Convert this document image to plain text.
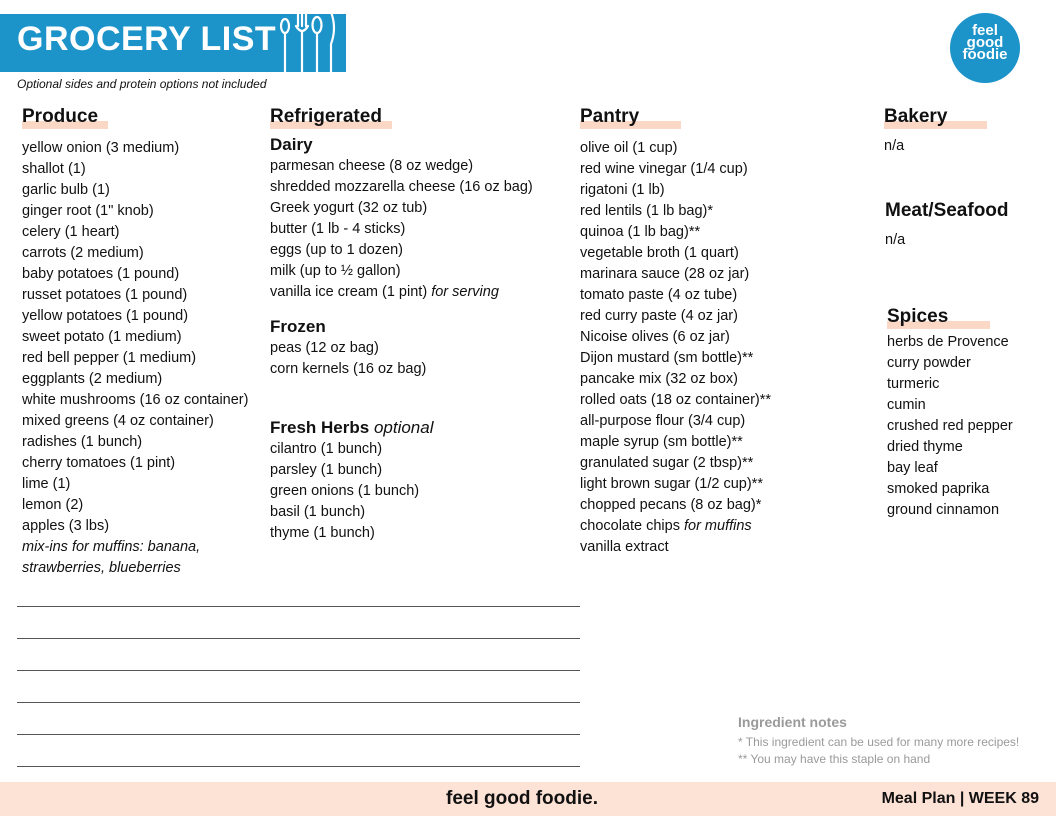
GROCERY LIST
Optional sides and protein options not included
feel
good
foodie
Produce
yellow onion (3 medium)
shallot (1)
garlic bulb (1)
ginger root (1" knob)
celery (1 heart)
carrots (2 medium)
baby potatoes (1 pound)
russet potatoes (1 pound)
yellow potatoes (1 pound)
sweet potato (1 medium)
red bell pepper (1 medium)
eggplants (2 medium)
white mushrooms (16 oz container)
mixed greens (4 oz container)
radishes (1 bunch)
cherry tomatoes (1 pint)
lime (1)
lemon (2)
apples (3 lbs)
mix-ins for muffins: banana,
strawberries, blueberries
Refrigerated
Dairy
parmesan cheese (8 oz wedge)
shredded mozzarella cheese (16 oz bag)
Greek yogurt (32 oz tub)
butter (1 lb - 4 sticks)
eggs (up to 1 dozen)
milk (up to ½ gallon)
vanilla ice cream (1 pint) for serving
Frozen
peas (12 oz bag)
corn kernels (16 oz bag)
Fresh Herbs optional
cilantro (1 bunch)
parsley (1 bunch)
green onions (1 bunch)
basil (1 bunch)
thyme (1 bunch)
Pantry
olive oil (1 cup)
red wine vinegar (1/4 cup)
rigatoni (1 lb)
red lentils (1 lb bag)*
quinoa (1 lb bag)**
vegetable broth (1 quart)
marinara sauce (28 oz jar)
tomato paste (4 oz tube)
red curry paste (4 oz jar)
Nicoise olives (6 oz jar)
Dijon mustard (sm bottle)**
pancake mix (32 oz box)
rolled oats (18 oz container)**
all-purpose flour (3/4 cup)
maple syrup (sm bottle)**
granulated sugar (2 tbsp)**
light brown sugar (1/2 cup)**
chopped pecans (8 oz bag)*
chocolate chips for muffins
vanilla extract
Bakery
n/a
Meat/Seafood
n/a
Spices
herbs de Provence
curry powder
turmeric
cumin
crushed red pepper
dried thyme
bay leaf
smoked paprika
ground cinnamon
Ingredient notes
* This ingredient can be used for many more recipes!
** You may have this staple on hand
feel good foodie.	Meal Plan | WEEK 89
